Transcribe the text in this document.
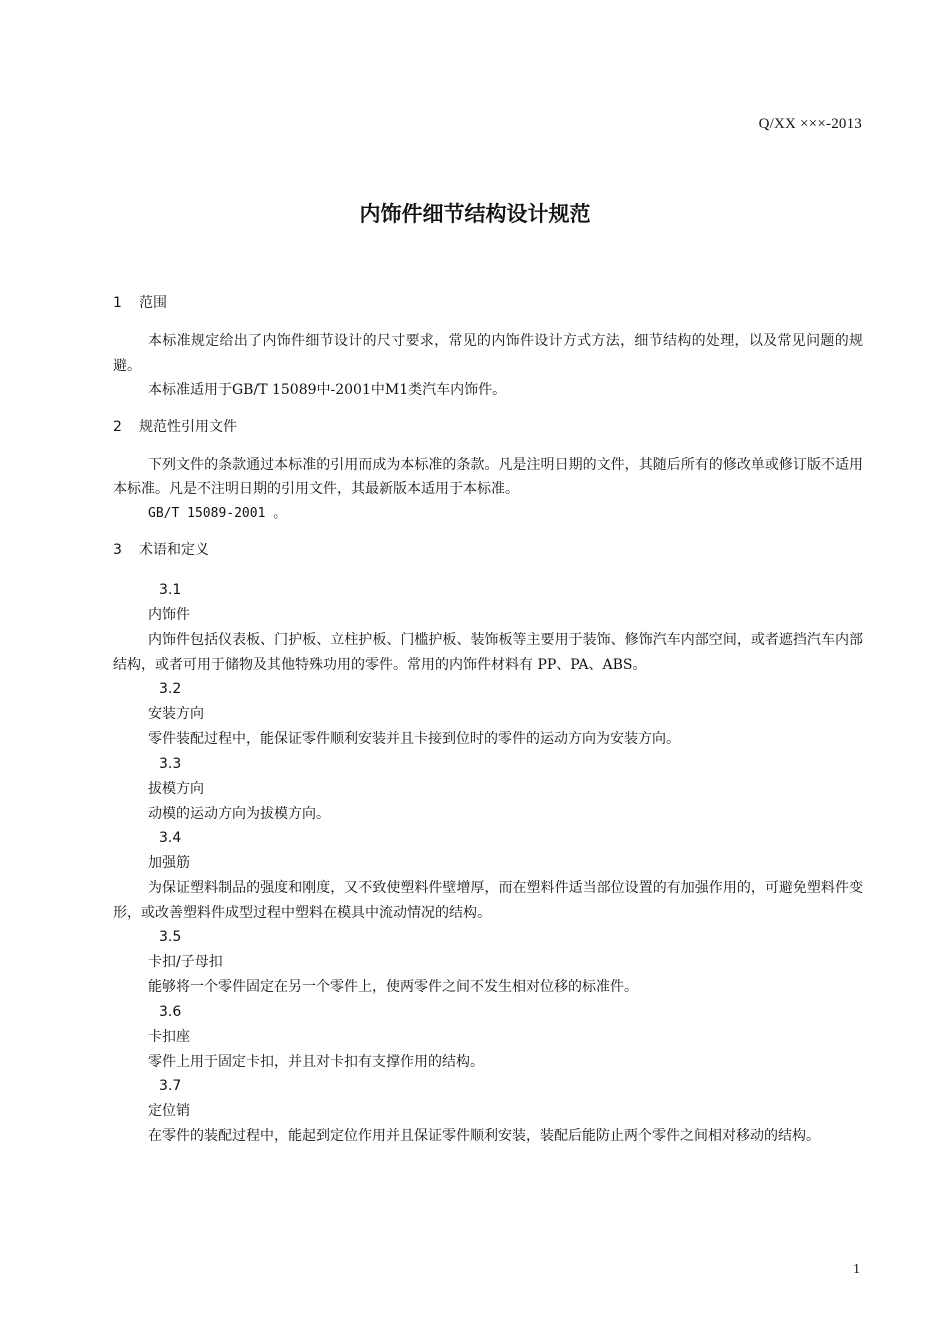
Q/XX ×××-2013
内饰件细节结构设计规范
1 范围
本标准规定给出了内饰件细节设计的尺寸要求，常见的内饰件设计方式方法，细节结构的处理，以及常见问题的规避。
本标准适用于GB/T 15089中-2001中M1类汽车内饰件。
2 规范性引用文件
下列文件的条款通过本标准的引用而成为本标准的条款。凡是注明日期的文件，其随后所有的修改单或修订版不适用本标准。凡是不注明日期的引用文件，其最新版本适用于本标准。
GB/T 15089-2001 。
3 术语和定义
3.1
内饰件
内饰件包括仪表板、门护板、立柱护板、门槛护板、装饰板等主要用于装饰、修饰汽车内部空间，或者遮挡汽车内部结构，或者可用于储物及其他特殊功用的零件。常用的内饰件材料有 PP、PA、ABS。
3.2
安装方向
零件装配过程中，能保证零件顺利安装并且卡接到位时的零件的运动方向为安装方向。
3.3
拔模方向
动模的运动方向为拔模方向。
3.4
加强筋
为保证塑料制品的强度和刚度，又不致使塑料件壁增厚，而在塑料件适当部位设置的有加强作用的，可避免塑料件变形，或改善塑料件成型过程中塑料在模具中流动情况的结构。
3.5
卡扣/子母扣
能够将一个零件固定在另一个零件上，使两零件之间不发生相对位移的标准件。
3.6
卡扣座
零件上用于固定卡扣，并且对卡扣有支撑作用的结构。
3.7
定位销
在零件的装配过程中，能起到定位作用并且保证零件顺利安装，装配后能防止两个零件之间相对移动的结构。
1
